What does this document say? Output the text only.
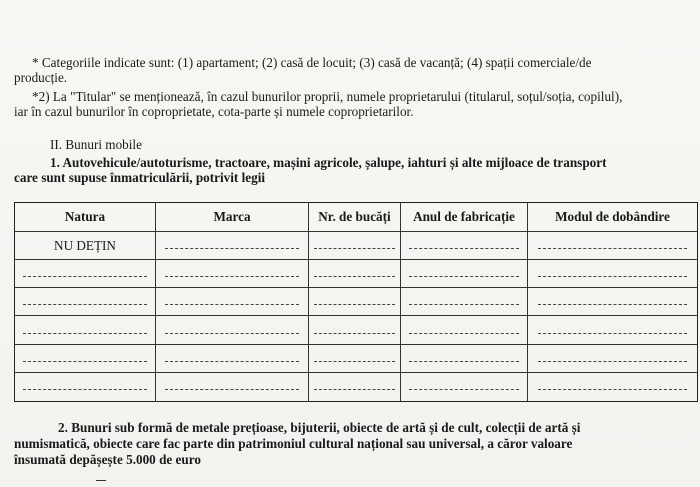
* Categoriile indicate sunt: (1) apartament; (2) casă de locuit; (3) casă de vacanță; (4) spații comerciale/de
producție.
*2) La "Titular" se menționează, în cazul bunurilor proprii, numele proprietarului (titularul, soțul/soția, copilul),
iar în cazul bunurilor în coproprietate, cota-parte și numele coproprietarilor.
II. Bunuri mobile
1. Autovehicule/autoturisme, tractoare, mașini agricole, șalupe, iahturi și alte mijloace de transport
care sunt supuse înmatriculării, potrivit legii
Natura	Marca	Nr. de bucăți	Anul de fabricație	Modul de dobândire
NU DEȚIN
2. Bunuri sub formă de metale prețioase, bijuterii, obiecte de artă și de cult, colecții de artă și
numismatică, obiecte care fac parte din patrimoniul cultural național sau universal, a căror valoare
însumată depășește 5.000 de euro
